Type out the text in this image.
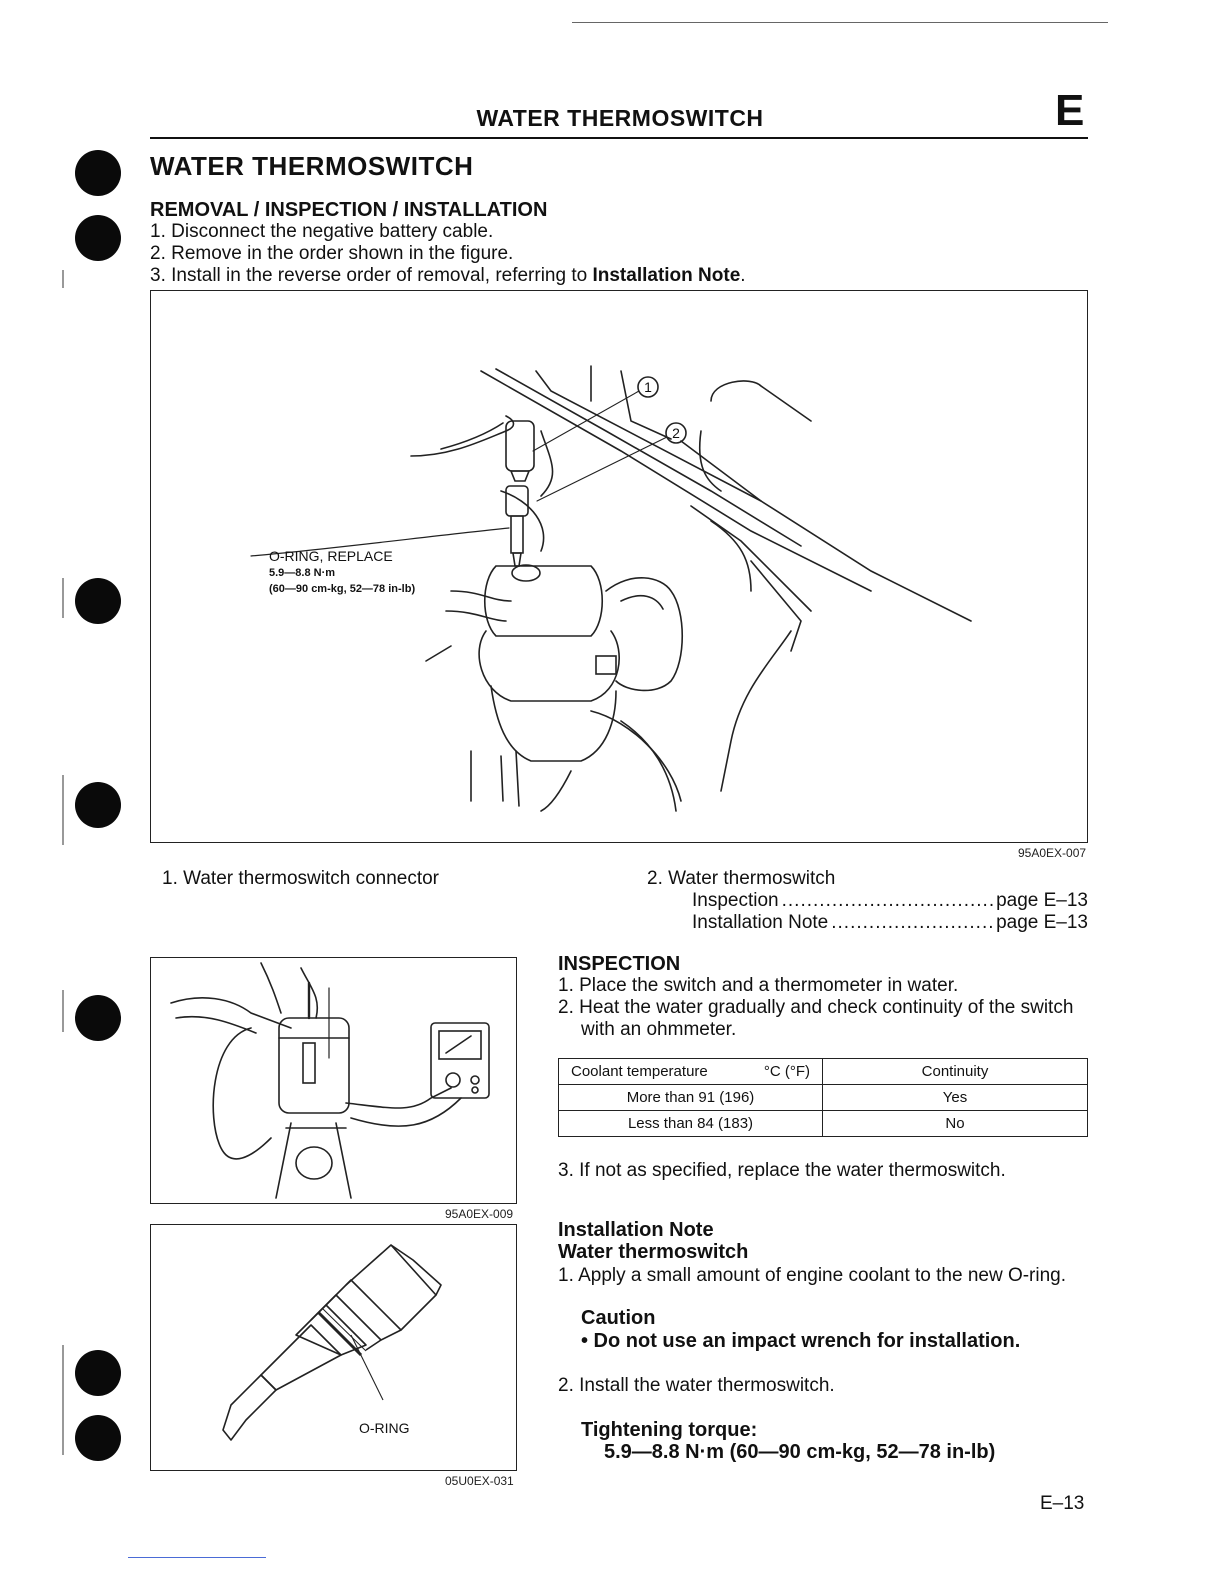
WATER THERMOSWITCH	E
WATER THERMOSWITCH
REMOVAL / INSPECTION / INSTALLATION
1. Disconnect the negative battery cable.
2. Remove in the order shown in the figure.
3. Install in the reverse order of removal, referring to Installation Note.
1
2
O-RING, REPLACE
5.9—8.8 N·m
(60—90 cm-kg, 52—78 in-lb)
95A0EX-007
1. Water thermoswitch connector	2. Water thermoswitch
Inspection .....	page E–13
Installation Note .....	page E–13
95A0EX-009
O-RING
05U0EX-031
INSPECTION
1. Place the switch and a thermometer in water.
2. Heat the water gradually and check continuity of the switch
with an ohmmeter.
Coolant temperature °C (°F)	Continuity
More than 91 (196)	Yes
Less than 84 (183)	No
3. If not as specified, replace the water thermoswitch.
Installation Note
Water thermoswitch
1. Apply a small amount of engine coolant to the new O-ring.
Caution
• Do not use an impact wrench for installation.
2. Install the water thermoswitch.
Tightening torque:
5.9—8.8 N·m (60—90 cm-kg, 52—78 in-lb)
E–13
